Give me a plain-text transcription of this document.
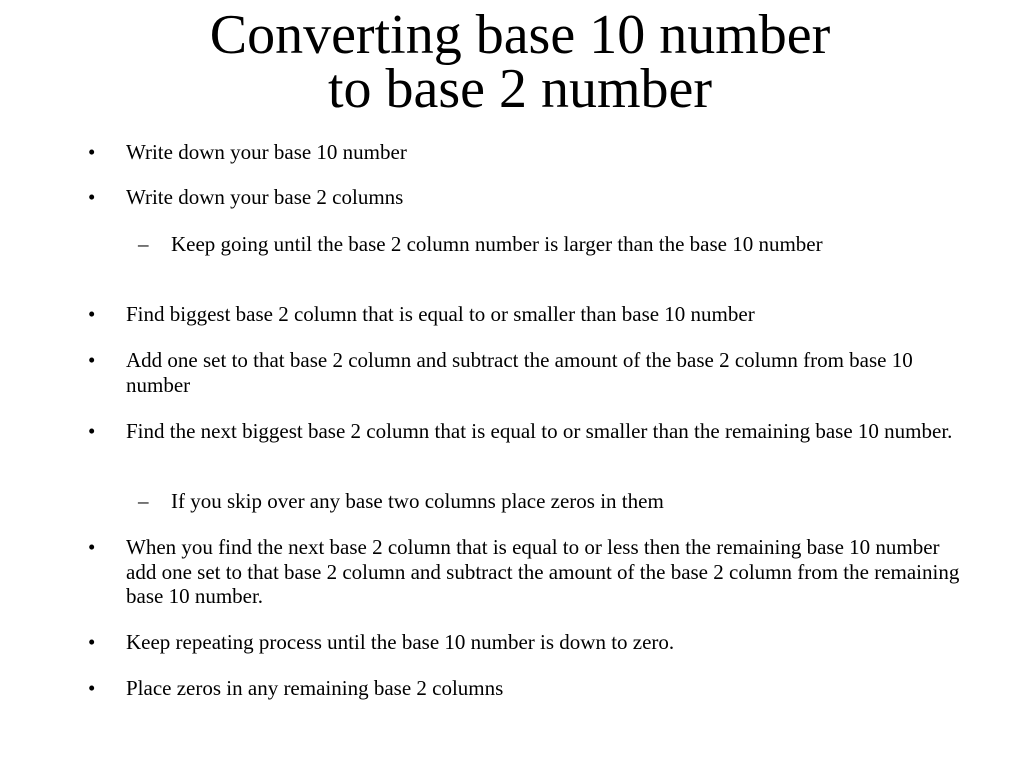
Converting base 10 number
to base 2 number
• Write down your base 10 number
• Write down your base 2 columns
– Keep going until the base 2 column number is larger than the base 10 number
• Find biggest base 2 column that is equal to or smaller than base 10 number
• Add one set to that base 2 column and subtract the amount of the base 2 column from base 10 number
• Find the next biggest base 2 column that is equal to or smaller than the remaining base 10 number.
– If you skip over any base two columns place zeros in them
• When you find the next base 2 column that is equal to or less then the remaining base 10 number add one set to that base 2 column and subtract the amount of the base 2 column from the remaining base 10 number.
• Keep repeating process until the base 10 number is down to zero.
• Place zeros in any remaining base 2 columns
